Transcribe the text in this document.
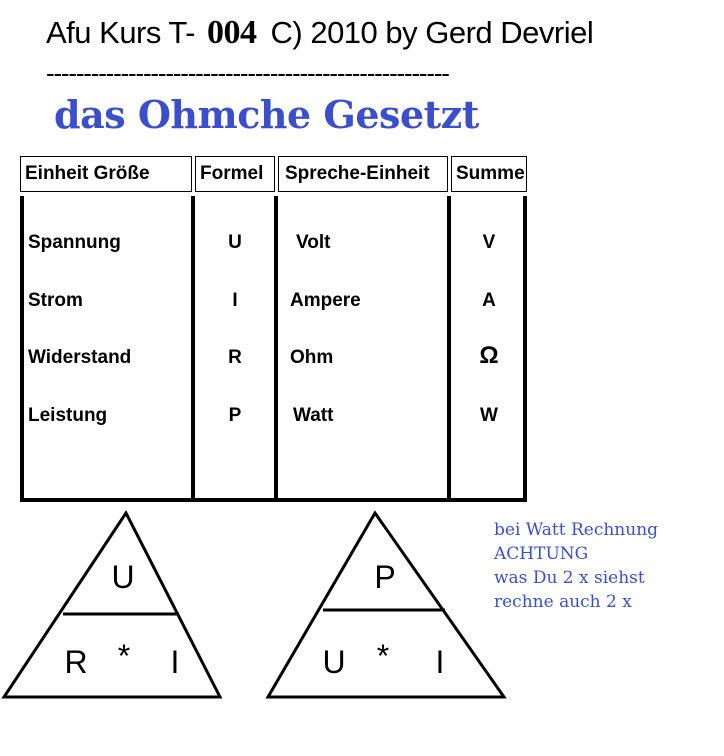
Afu Kurs T- 004 C) 2010 by Gerd Devriel
------------------------------------------------------
das Ohmche Gesetzt
Einheit Größe	Formel	Spreche-Einheit	Summe
Spannung	U	Volt	V
Strom	I	Ampere	A
Widerstand	R	Ohm	Ω
Leistung	P	Watt	W
U
R * I
P
U * I
bei Watt Rechnung
ACHTUNG
was Du 2 x siehst
rechne auch 2 x
